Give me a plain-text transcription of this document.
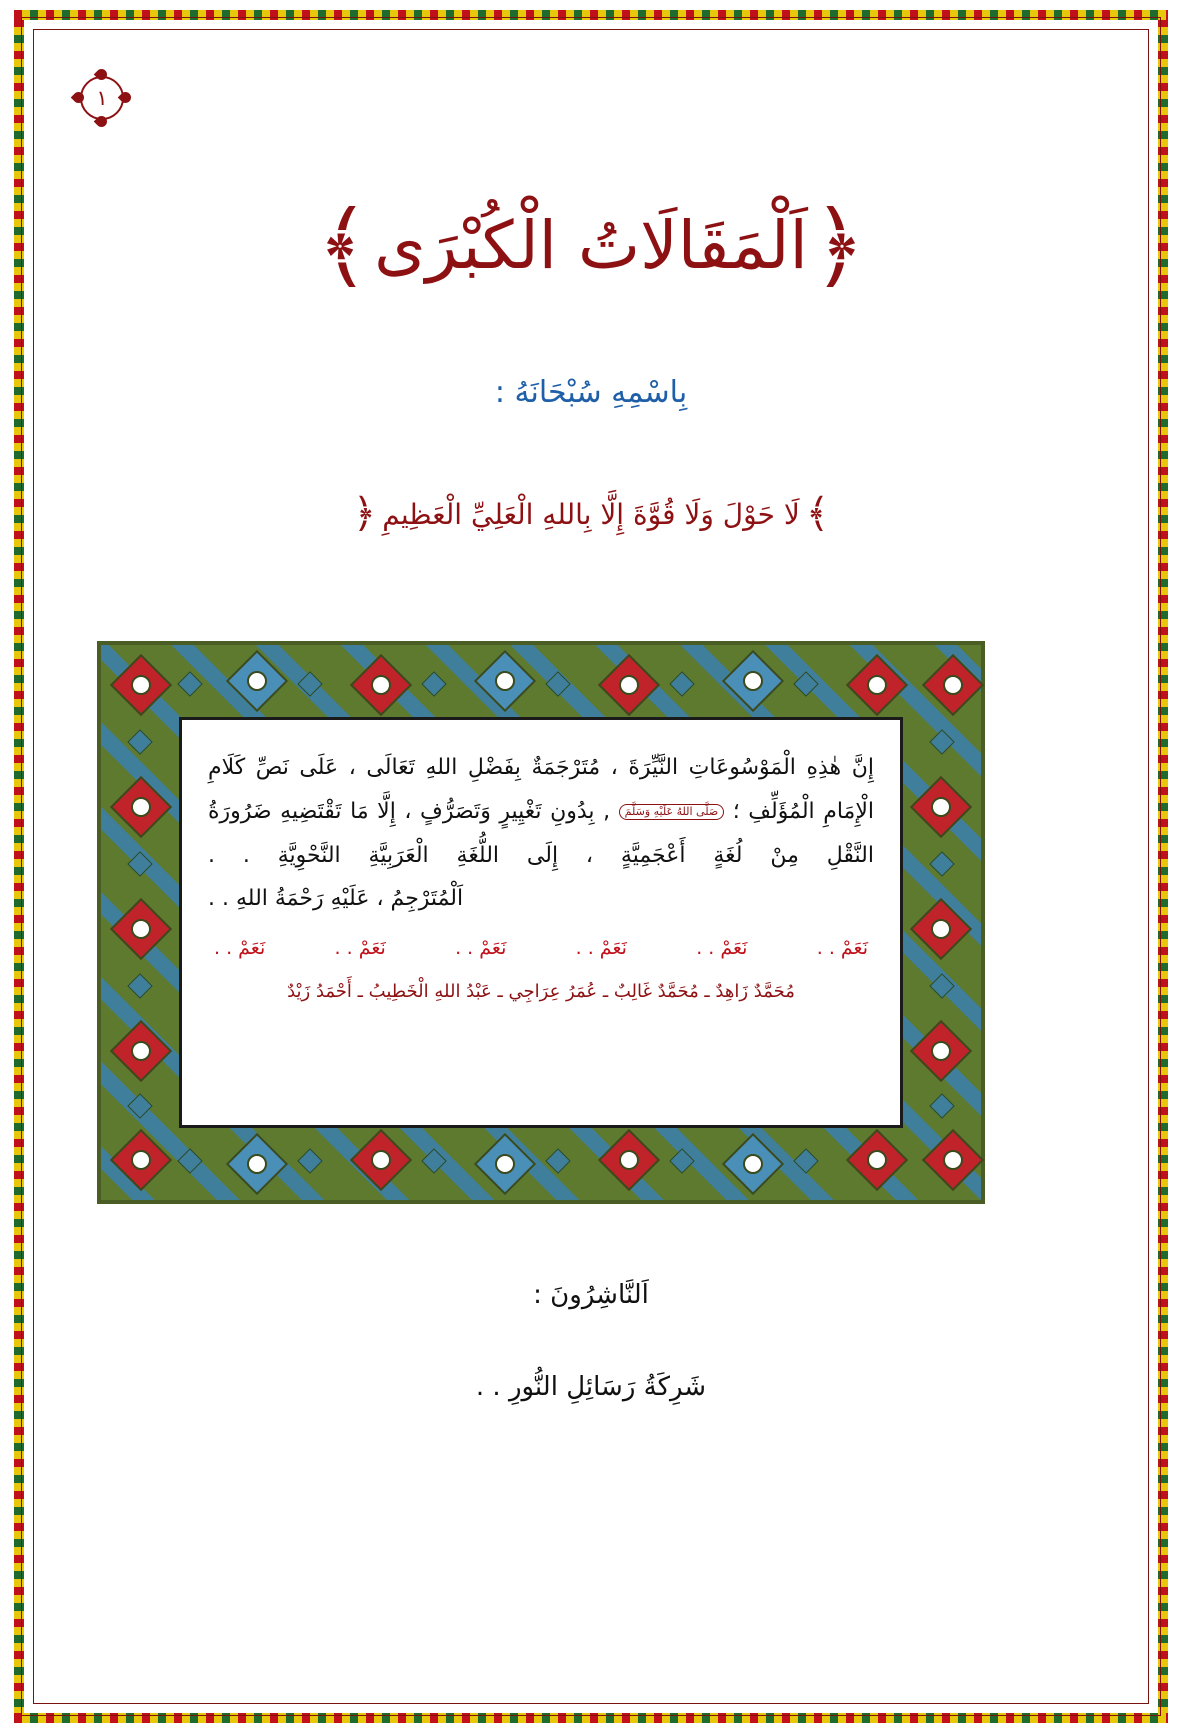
١
﴿
اَلْمَقَالَاتُ الْكُبْرَى
﴾
بِاسْمِهِ سُبْحَانَهُ :
﴾
لَا حَوْلَ وَلَا قُوَّةَ إِلَّا بِاللهِ الْعَلِيِّ الْعَظِيمِ
﴿
إِنَّ هٰذِهِ الْمَوْسُوعَاتِ النَّيِّرَةَ ، مُتَرْجَمَةٌ بِفَضْلِ اللهِ تَعَالَى ، عَلَى نَصِّ كَلَامِ الْإِمَامِ الْمُؤَلِّفِ ؛ صَلَّى اللهُ عَلَيْهِ وَسَلَّمَ , بِدُونِ تَغْيِيرٍ وَتَصَرُّفٍ ، إِلَّا مَا تَقْتَضِيهِ ضَرُورَةُ النَّقْلِ مِنْ لُغَةٍ أَعْجَمِيَّةٍ ، إِلَى اللُّغَةِ الْعَرَبِيَّةِ النَّحْوِيَّةِ . .
اَلْمُتَرْجِمُ ، عَلَيْهِ رَحْمَةُ اللهِ . .
نَعَمْ . .
نَعَمْ . .
نَعَمْ . .
نَعَمْ . .
نَعَمْ . .
نَعَمْ . .
مُحَمَّدٌ زَاهِدٌ ـ مُحَمَّدٌ غَالِبٌ ـ عُمَرُ عِرَاجِي ـ عَبْدُ اللهِ الْخَطِيبُ ـ أَحْمَدُ زَيْدٌ
اَلنَّاشِرُونَ :
شَرِكَةُ رَسَائِلِ النُّورِ . .
